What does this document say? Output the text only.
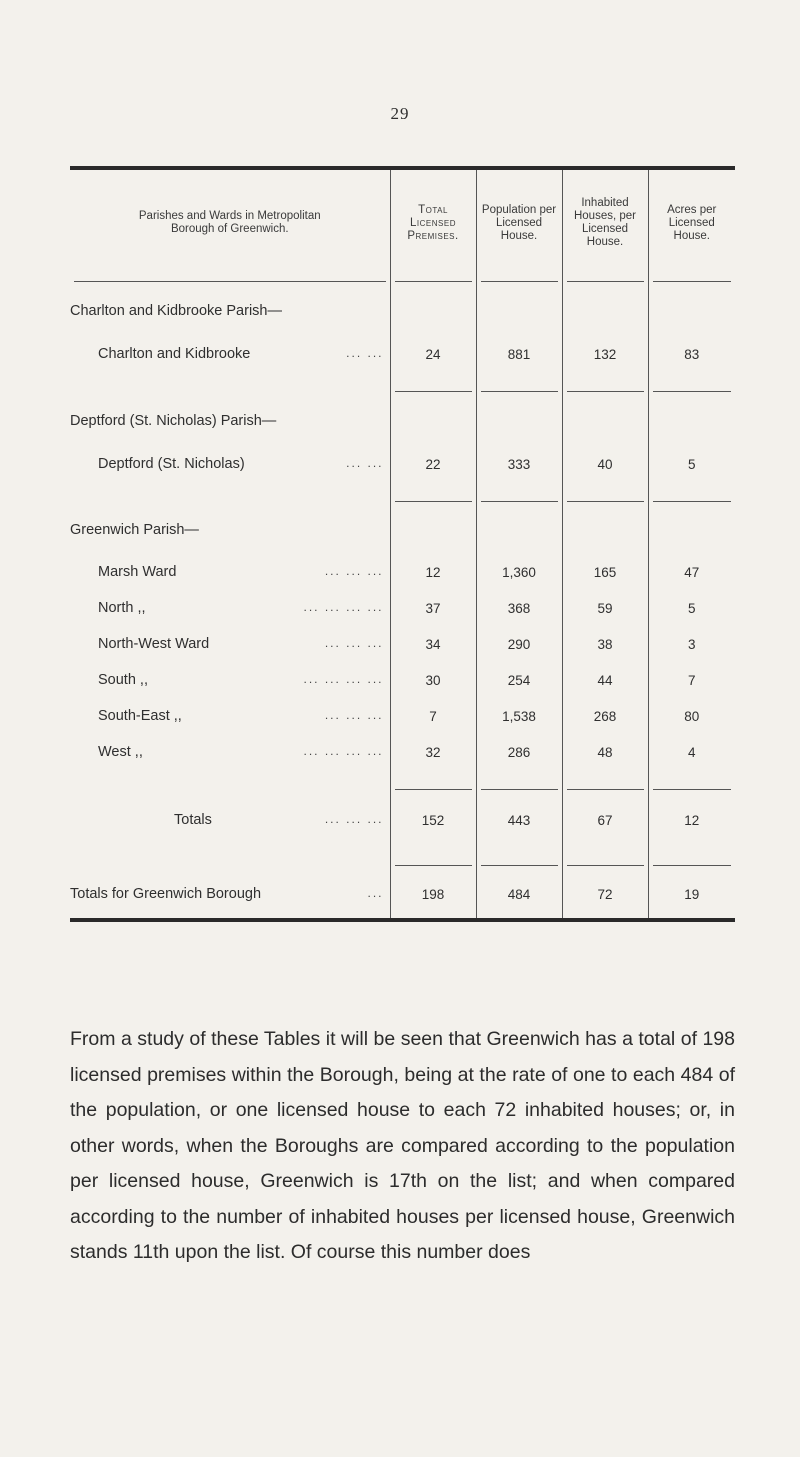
29
Parishes and Wards in Metropolitan Borough of Greenwich.	Total Licensed Premises.	Population per Licensed House.	Inhabited Houses, per Licensed House.	Acres per Licensed House.

Charlton and Kidbrooke Parish—				
Charlton and Kidbrooke ... ...	24	881	132	83

Deptford (St. Nicholas) Parish—				
Deptford (St. Nicholas) ... ...	22	333	40	5

Greenwich Parish—				
Marsh Ward ... ... ...	12	1,360	165	47
North ,, ... ... ... ...	37	368	59	5
North-West Ward ... ... ...	34	290	38	3
South ,, ... ... ... ...	30	254	44	7
South-East ,, ... ... ...	7	1,538	268	80
West ,, ... ... ... ...	32	286	48	4

Totals ... ... ...	152	443	67	12

Totals for Greenwich Borough ...	198	484	72	19
From a study of these Tables it will be seen that Greenwich has a total of 198 licensed premises within the Borough, being at the rate of one to each 484 of the population, or one licensed house to each 72 inhabited houses; or, in other words, when the Boroughs are compared according to the population per licensed house, Greenwich is 17th on the list; and when compared according to the number of inhabited houses per licensed house, Greenwich stands 11th upon the list. Of course this number does
